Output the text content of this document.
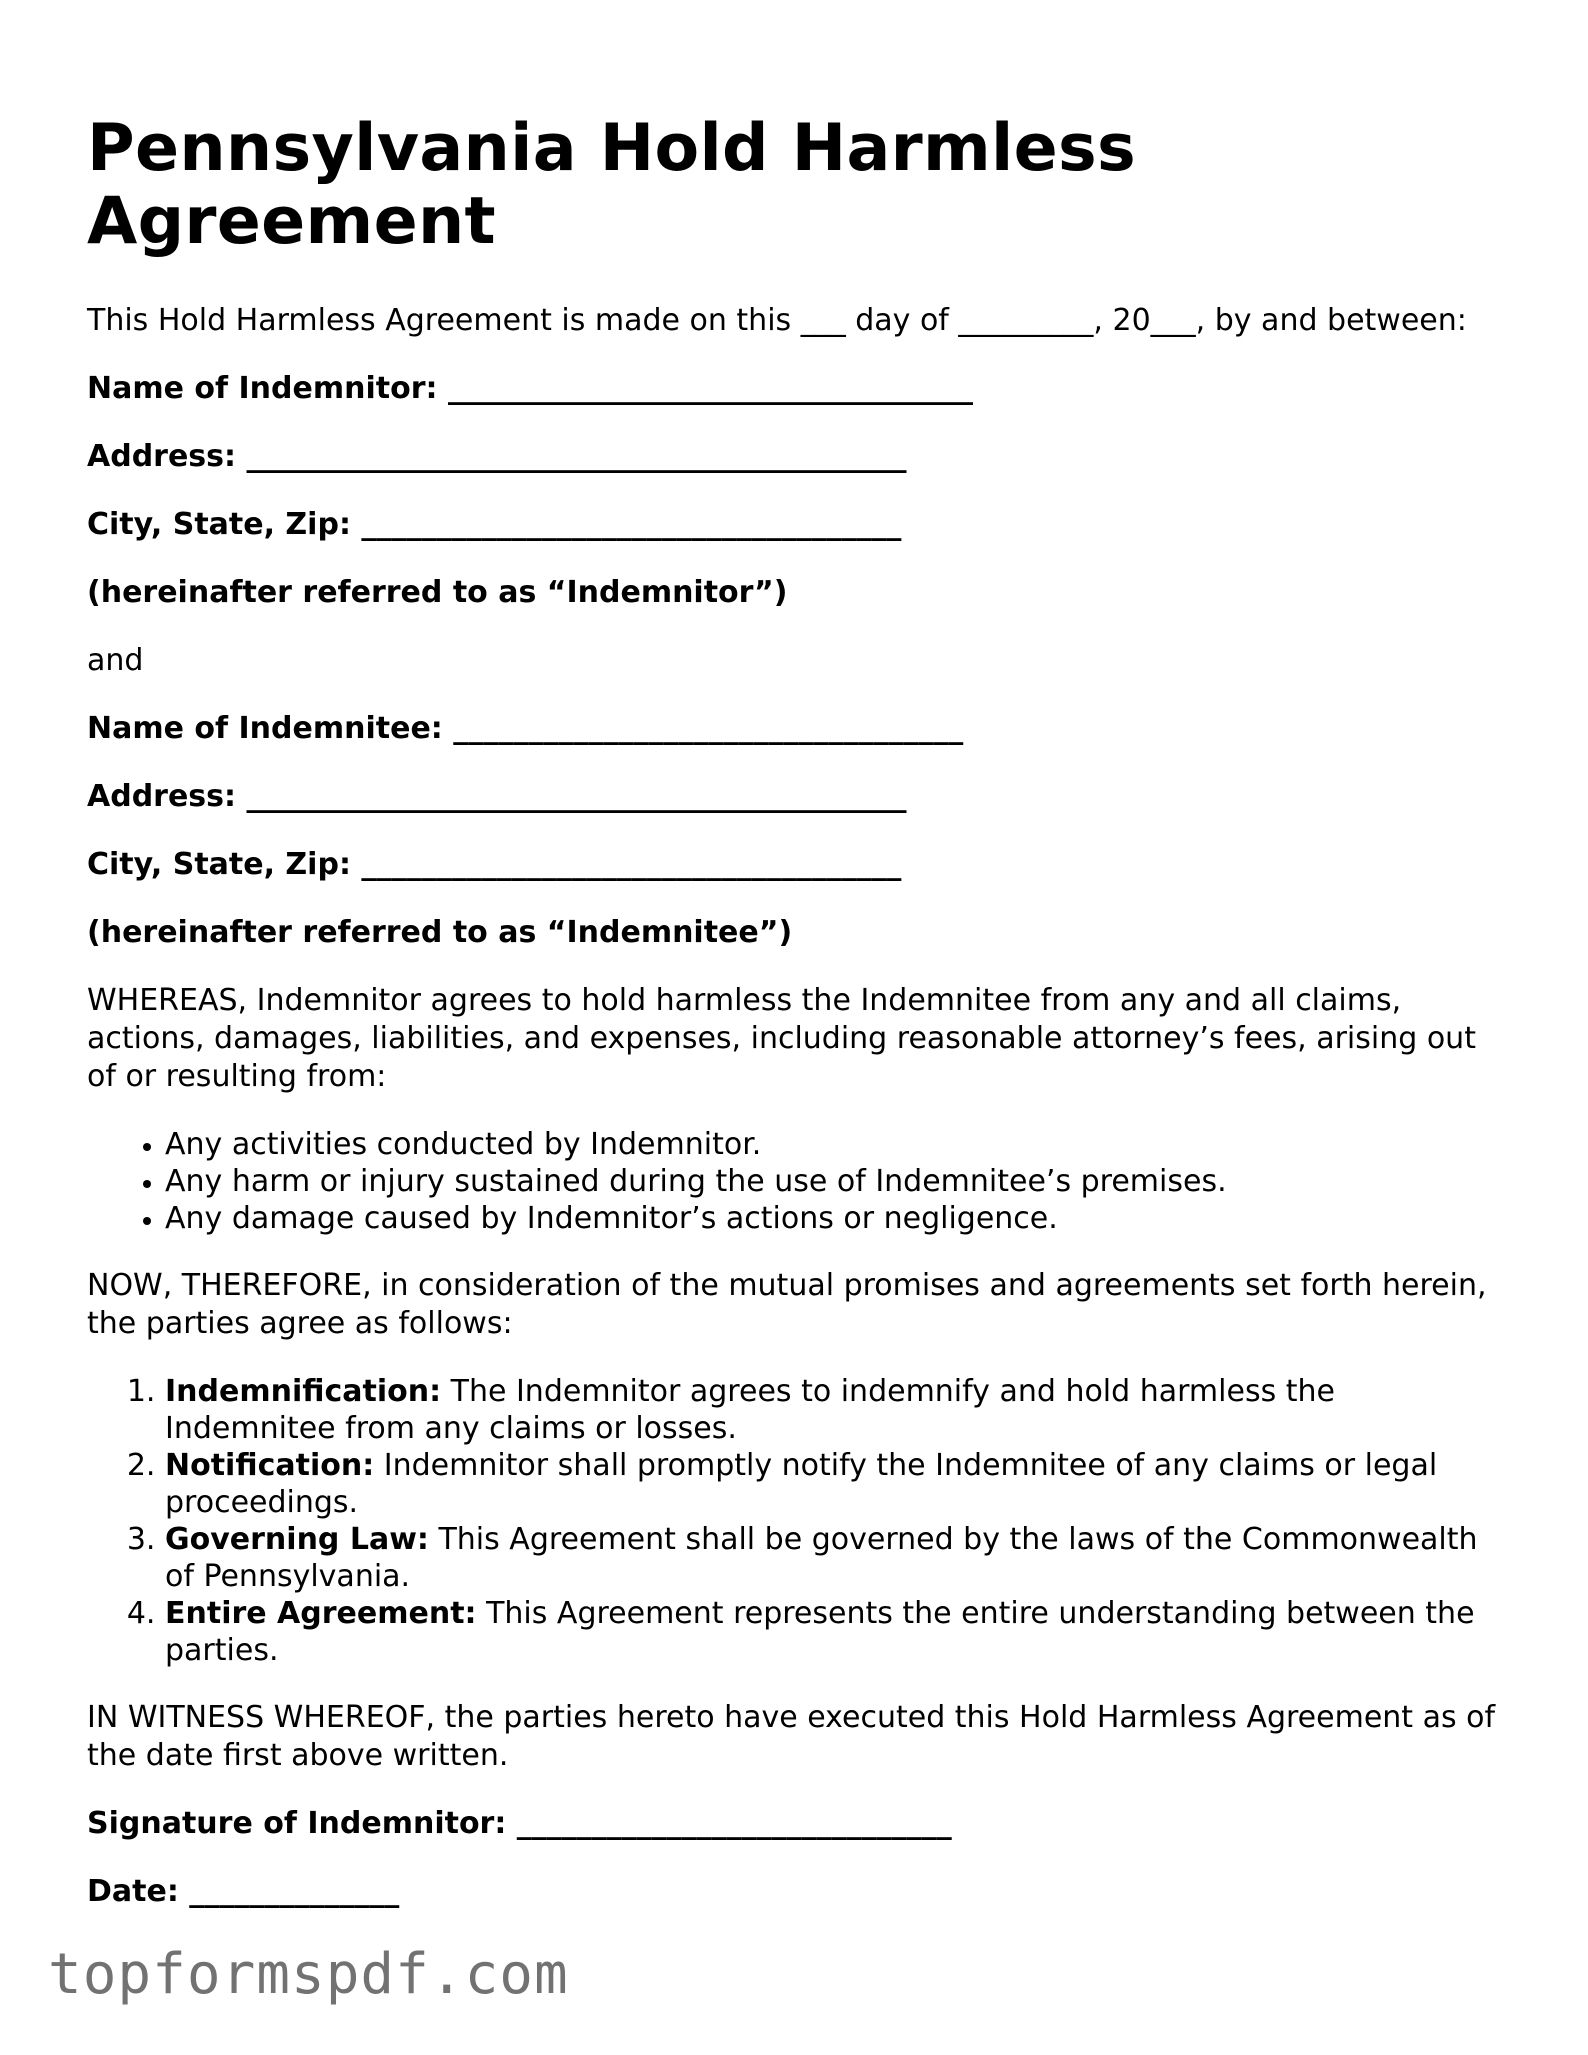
Pennsylvania Hold Harmless Agreement

This Hold Harmless Agreement is made on this ___ day of _________, 20___, by and between:

Name of Indemnitor: ___________________________________
Address: ____________________________________________
City, State, Zip: ____________________________________
(hereinafter referred to as “Indemnitor”)

and

Name of Indemnitee: __________________________________
Address: ____________________________________________
City, State, Zip: ____________________________________
(hereinafter referred to as “Indemnitee”)

WHEREAS, Indemnitor agrees to hold harmless the Indemnitee from any and all claims, actions, damages, liabilities, and expenses, including reasonable attorney’s fees, arising out of or resulting from:

• Any activities conducted by Indemnitor.
• Any harm or injury sustained during the use of Indemnitee’s premises.
• Any damage caused by Indemnitor’s actions or negligence.

NOW, THEREFORE, in consideration of the mutual promises and agreements set forth herein, the parties agree as follows:

1. Indemnification: The Indemnitor agrees to indemnify and hold harmless the Indemnitee from any claims or losses.
2. Notification: Indemnitor shall promptly notify the Indemnitee of any claims or legal proceedings.
3. Governing Law: This Agreement shall be governed by the laws of the Commonwealth of Pennsylvania.
4. Entire Agreement: This Agreement represents the entire understanding between the parties.

IN WITNESS WHEREOF, the parties hereto have executed this Hold Harmless Agreement as of the date first above written.

Signature of Indemnitor: _____________________________
Date: ______________
topformspdf.com
